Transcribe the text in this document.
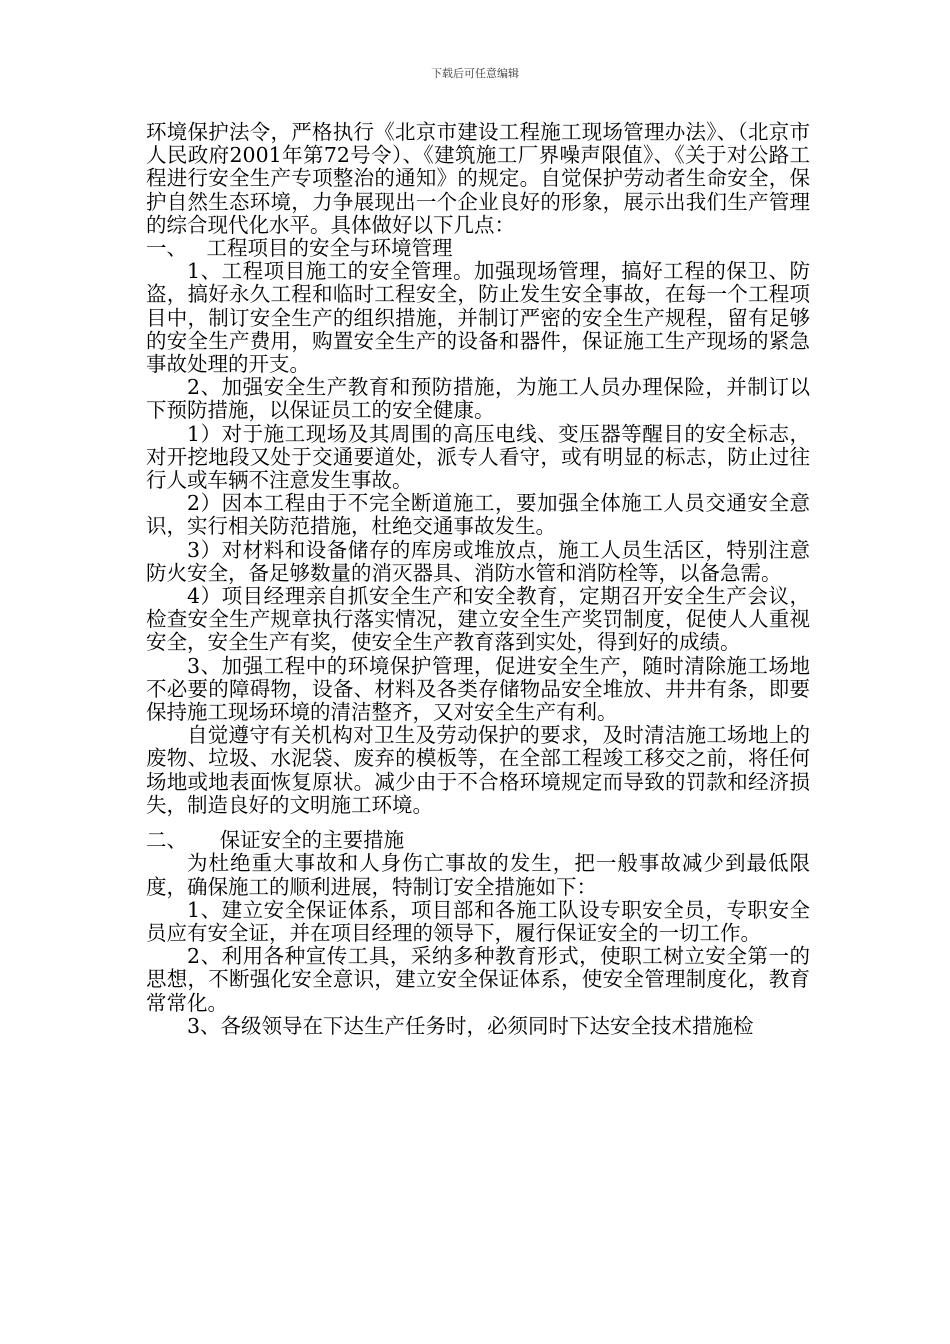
下载后可任意编辑

环境保护法令，严格执行《北京市建设工程施工现场管理办法》、（北京市人民政府2001年第72号令）、《建筑施工厂界噪声限值》、《关于对公路工程进行安全生产专项整治的通知》的规定。自觉保护劳动者生命安全，保护自然生态环境，力争展现出一个企业良好的形象，展示出我们生产管理的综合现代化水平。具体做好以下几点：

一、   工程项目的安全与环境管理

1、工程项目施工的安全管理。加强现场管理，搞好工程的保卫、防盗，搞好永久工程和临时工程安全，防止发生安全事故，在每一个工程项目中，制订安全生产的组织措施，并制订严密的安全生产规程，留有足够的安全生产费用，购置安全生产的设备和器件，保证施工生产现场的紧急事故处理的开支。

2、加强安全生产教育和预防措施，为施工人员办理保险，并制订以下预防措施，以保证员工的安全健康。

1）对于施工现场及其周围的高压电线、变压器等醒目的安全标志，对开挖地段又处于交通要道处，派专人看守，或有明显的标志，防止过往行人或车辆不注意发生事故。

2）因本工程由于不完全断道施工，要加强全体施工人员交通安全意识，实行相关防范措施，杜绝交通事故发生。

3）对材料和设备储存的库房或堆放点，施工人员生活区，特别注意防火安全，备足够数量的消灭器具、消防水管和消防栓等，以备急需。

4）项目经理亲自抓安全生产和安全教育，定期召开安全生产会议，检查安全生产规章执行落实情况，建立安全生产奖罚制度，促使人人重视安全，安全生产有奖，使安全生产教育落到实处，得到好的成绩。

3、加强工程中的环境保护管理，促进安全生产，随时清除施工场地不必要的障碍物，设备、材料及各类存储物品安全堆放、井井有条，即要保持施工现场环境的清洁整齐，又对安全生产有利。

自觉遵守有关机构对卫生及劳动保护的要求，及时清洁施工场地上的废物、垃圾、水泥袋、废弃的模板等，在全部工程竣工移交之前，将任何场地或地表面恢复原状。减少由于不合格环境规定而导致的罚款和经济损失，制造良好的文明施工环境。

二、     保证安全的主要措施

为杜绝重大事故和人身伤亡事故的发生，把一般事故减少到最低限度，确保施工的顺利进展，特制订安全措施如下：

1、建立安全保证体系，项目部和各施工队设专职安全员，专职安全员应有安全证，并在项目经理的领导下，履行保证安全的一切工作。

2、利用各种宣传工具，采纳多种教育形式，使职工树立安全第一的思想，不断强化安全意识，建立安全保证体系，使安全管理制度化，教育常常化。

3、各级领导在下达生产任务时，必须同时下达安全技术措施检
